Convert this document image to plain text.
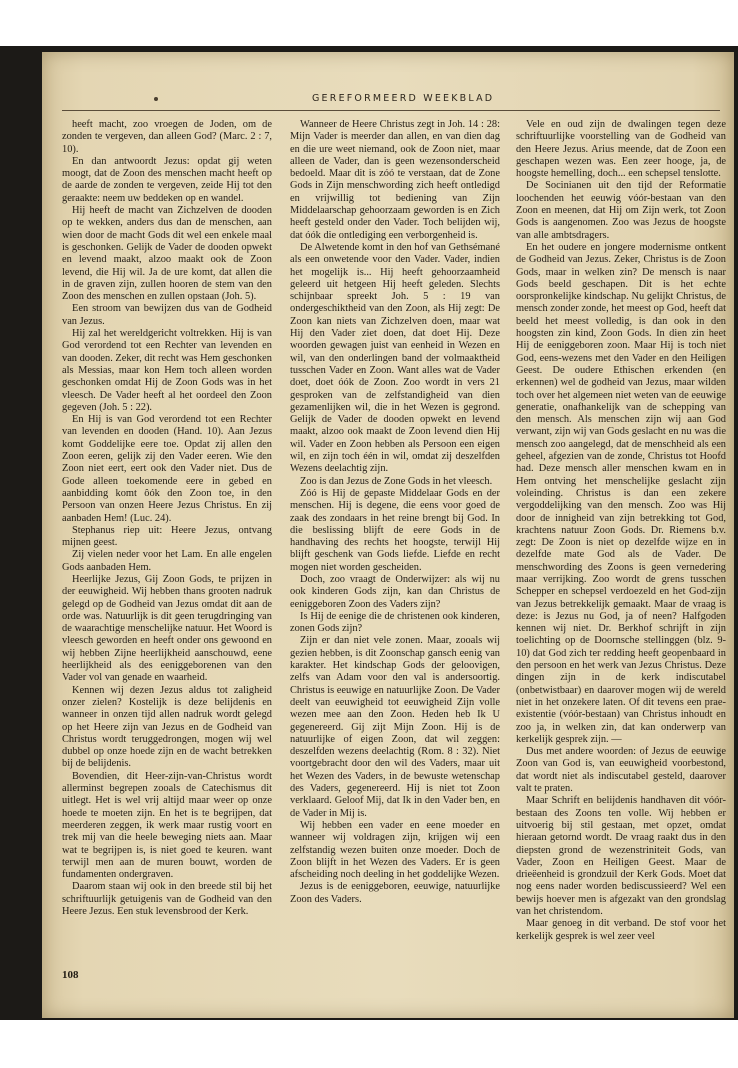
GEREFORMEERD WEEKBLAD

heeft macht, zoo vroegen de Joden, om de zonden te vergeven, dan alleen God? (Marc. 2 : 7, 10).

En dan antwoordt Jezus: opdat gij weten moogt, dat de Zoon des menschen macht heeft op de aarde de zonden te vergeven, zeide Hij tot den geraakte: neem uw beddeken op en wandel.

Hij heeft de macht van Zichzelven de dooden op te wekken, anders dus dan de menschen, aan wien door de macht Gods dit wel een enkele maal is geschonken. Gelijk de Vader de dooden opwekt en levend maakt, alzoo maakt ook de Zoon levend, die Hij wil. Ja de ure komt, dat allen die in de graven zijn, zullen hooren de stem van den Zoon des menschen en zullen opstaan (Joh. 5).

Een stroom van bewijzen dus van de Godheid van Jezus.

Hij zal het wereldgericht voltrekken. Hij is van God verordend tot een Rechter van levenden en van dooden. Zeker, dit recht was Hem geschonken als Messias, maar kon Hem toch alleen worden geschonken omdat Hij de Zoon Gods was in het vleesch. De Vader heeft al het oordeel den Zoon gegeven (Joh. 5 : 22).

En Hij is van God verordend tot een Rechter van levenden en dooden (Hand. 10). Aan Jezus komt Goddelijke eere toe. Opdat zij allen den Zoon eeren, gelijk zij den Vader eeren. Wie den Zoon niet eert, eert ook den Vader niet. Dus de Gode alleen toekomende eere in gebed en aanbidding komt ôók den Zoon toe, in den Persoon van onzen Heere Jezus Christus. En zij aanbaden Hem! (Luc. 24).

Stephanus riep uit: Heere Jezus, ontvang mijnen geest.

Zij vielen neder voor het Lam. En alle engelen Gods aanbaden Hem.

Heerlijke Jezus, Gij Zoon Gods, te prijzen in der eeuwigheid. Wij hebben thans grooten nadruk gelegd op de Godheid van Jezus omdat dit aan de orde was. Natuurlijk is dit geen terugdringing van de waarachtige menschelijke natuur. Het Woord is vleesch geworden en heeft onder ons gewoond en wij hebben Zijne heerlijkheid aanschouwd, eene heerlijkheid als des eeniggeborenen van den Vader vol van genade en waarheid.

Kennen wij dezen Jezus aldus tot zaligheid onzer zielen? Kostelijk is deze belijdenis en wanneer in onzen tijd allen nadruk wordt gelegd op het Heere zijn van Jezus en de Godheid van Christus wordt teruggedrongen, mogen wij wel dubbel op onze hoede zijn en de wacht betrekken bij de belijdenis.

Bovendien, dit Heer-zijn-van-Christus wordt allerminst begrepen zooals de Catechismus dit uitlegt. Het is wel vrij altijd maar weer op onze hoede te moeten zijn. En het is te begrijpen, dat meerderen zeggen, ik werk maar rustig voort en trek mij van die heele beweging niets aan. Maar wat te begrijpen is, is niet goed te keuren. want terwijl men aan de muren bouwt, worden de fundamenten ondergraven.

Daarom staan wij ook in den breede stil bij het schriftuurlijk getuigenis van de Godheid van den Heere Jezus. Een stuk levensbrood der Kerk.

Wanneer de Heere Christus zegt in Joh. 14 : 28: Mijn Vader is meerder dan allen, en van dien dag en die ure weet niemand, ook de Zoon niet, maar alleen de Vader, dan is geen wezensonderscheid bedoeld. Maar dit is zóó te verstaan, dat de Zone Gods in Zijn menschwording zich heeft ontledigd en vrijwillig tot bediening van Zijn Middelaarschap gehoorzaam geworden is en Zich heeft gesteld onder den Vader. Toch belijden wij, dat óók die ontlediging een verborgenheid is.

De Alwetende komt in den hof van Gethsémané als een onwetende voor den Vader. Vader, indien het mogelijk is... Hij heeft gehoorzaamheid geleerd uit hetgeen Hij heeft geleden. Slechts schijnbaar spreekt Joh. 5 : 19 van ondergeschiktheid van den Zoon, als Hij zegt: De Zoon kan niets van Zichzelven doen, maar wat Hij den Vader ziet doen, dat doet Hij. Deze woorden gewagen juist van eenheid in Wezen en wil, van den onderlingen band der volmaaktheid tusschen Vader en Zoon. Want alles wat de Vader doet, doet óók de Zoon. Zoo wordt in vers 21 gesproken van de zelfstandigheid van dien gezamenlijken wil, die in het Wezen is gegrond. Gelijk de Vader de dooden opwekt en levend maakt, alzoo ook maakt de Zoon levend dien Hij wil. Vader en Zoon hebben als Persoon een eigen wil, en zijn toch één in wil, omdat zij deszelfden Wezens deelachtig zijn.

Zoo is dan Jezus de Zone Gods in het vleesch.

Zóó is Hij de gepaste Middelaar Gods en der menschen. Hij is degene, die eens voor goed de zaak des zondaars in het reine brengt bij God. In die beslissing blijft de eere Gods in de handhaving des rechts het hoogste, terwijl Hij blijft geschenk van Gods liefde. Liefde en recht mogen niet worden gescheiden.

Doch, zoo vraagt de Onderwijzer: als wij nu ook kinderen Gods zijn, kan dan Christus de eeniggeboren Zoon des Vaders zijn?

Is Hij de eenige die de christenen ook kinderen, zonen Gods zijn?

Zijn er dan niet vele zonen. Maar, zooals wij gezien hebben, is dit Zoonschap gansch eenig van karakter. Het kindschap Gods der geloovigen, zelfs van Adam voor den val is andersoortig. Christus is eeuwige en natuurlijke Zoon. De Vader deelt van eeuwigheid tot eeuwigheid Zijn volle wezen mee aan den Zoon. Heden heb Ik U gegenereerd. Gij zijt Mijn Zoon. Hij is de natuurlijke of eigen Zoon, dat wil zeggen: deszelfden wezens deelachtig (Rom. 8 : 32). Niet voortgebracht door den wil des Vaders, maar uit het Wezen des Vaders, in de bewuste wetenschap des Vaders, gegenereerd. Hij is niet tot Zoon verklaard. Geloof Mij, dat Ik in den Vader ben, en de Vader in Mij is.

Wij hebben een vader en eene moeder en wanneer wij voldragen zijn, krijgen wij een zelfstandig wezen buiten onze moeder. Doch de Zoon blijft in het Wezen des Vaders. Er is geen afscheiding noch deeling in het goddelijke Wezen.

Jezus is de eeniggeboren, eeuwige, natuurlijke Zoon des Vaders.

Vele en oud zijn de dwalingen tegen deze schriftuurlijke voorstelling van de Godheid van den Heere Jezus. Arius meende, dat de Zoon een geschapen wezen was. Een zeer hooge, ja, de hoogste hemelling, doch... een schepsel tenslotte.

De Socinianen uit den tijd der Reformatie loochenden het eeuwig vóór-bestaan van den Zoon en meenen, dat Hij om Zijn werk, tot Zoon Gods is aangenomen. Zoo was Jezus de hoogste van alle ambtsdragers.

En het oudere en jongere modernisme ontkent de Godheid van Jezus. Zeker, Christus is de Zoon Gods, maar in welken zin? De mensch is naar Gods beeld geschapen. Dit is het echte oorspronkelijke kindschap. Nu gelijkt Christus, de mensch zonder zonde, het meest op God, heeft dat beeld het meest volledig, is dan ook in den hoogsten zin kind, Zoon Gods. In dien zin heet Hij de eeniggeboren zoon. Maar Hij is toch niet God, eens-wezens met den Vader en den Heiligen Geest. De oudere Ethischen erkenden (en erkennen) wel de godheid van Jezus, maar wilden toch over het algemeen niet weten van de eeuwige generatie, onafhankelijk van de schepping van den mensch. Als menschen zijn wij aan God verwant, zijn wij van Gods geslacht en nu was die mensch zoo aangelegd, dat de menschheid als een geheel, afgezien van de zonde, Christus tot Hoofd had. Deze mensch aller menschen kwam en in Hem ontving het menschelijke geslacht zijn voleinding. Christus is dan een zekere vergoddelijking van den mensch. Zoo was Hij door de innigheid van zijn betrekking tot God, krachtens natuur Zoon Gods. Dr. Riemens b.v. zegt: De Zoon is niet op dezelfde wijze en in dezelfde mate God als de Vader. De menschwording des Zoons is geen vernedering maar verrijking. Zoo wordt de grens tusschen Schepper en schepsel verdoezeld en het God-zijn van Jezus betrekkelijk gemaakt. Maar de vraag is deze: is Jezus nu God, ja of neen? Halfgoden kennen wij niet. Dr. Berkhof schrijft in zijn toelichting op de Doornsche stellinggen (blz. 9-10) dat God zich ter redding heeft geopenbaard in den persoon en het werk van Jezus Christus. Deze dingen zijn in de kerk indiscutabel (onbetwistbaar) en daarover mogen wij de wereld niet in het onzekere laten. Of dit tevens een prae-existentie (vóór-bestaan) van Christus inhoudt en zoo ja, in welken zin, dat kan onderwerp van kerkelijk gesprek zijn. —

Dus met andere woorden: of Jezus de eeuwige Zoon van God is, van eeuwigheid voorbestond, dat wordt niet als indiscutabel gesteld, daarover valt te praten.

Maar Schrift en belijdenis handhaven dit vóór-bestaan des Zoons ten volle. Wij hebben er uitvoerig bij stil gestaan, met opzet, omdat hieraan getornd wordt. De vraag raakt dus in den diepsten grond de wezenstriniteit Gods, van Vader, Zoon en Heiligen Geest. Maar de drieëenheid is grondzuil der Kerk Gods. Moet dat nog eens nader worden bediscussieerd? Wel een bewijs hoever men is afgezakt van den grondslag van het christendom.

Maar genoeg in dit verband. De stof voor het kerkelijk gesprek is wel zeer veel

108
